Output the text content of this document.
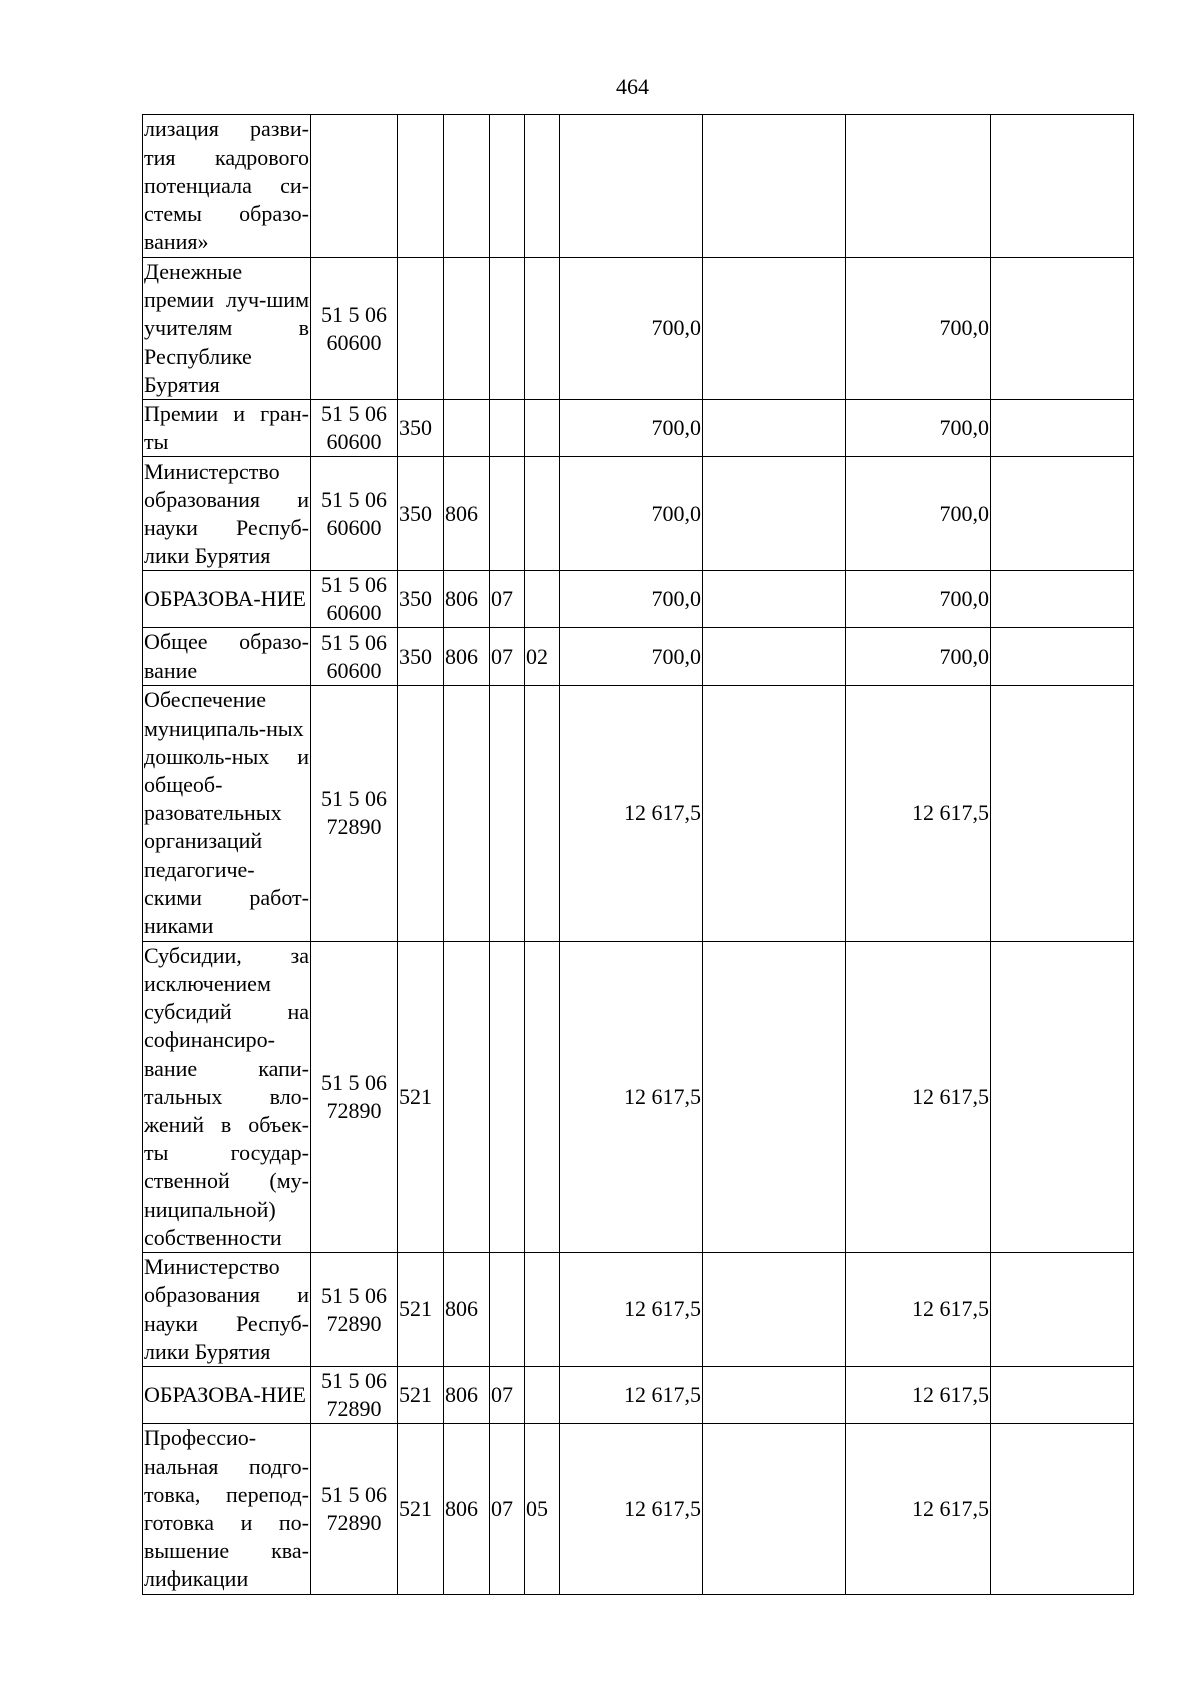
464
лизация разви-тия кадрового потенциала си-стемы образо-вания»									
Денежные премии луч-шим учителям в Республике Бурятия	51 5 06 60600					700,0		700,0	
Премии и гран-ты	51 5 06 60600	350				700,0		700,0	
Министерство образования и науки Респуб-лики Бурятия	51 5 06 60600	350	806			700,0		700,0	
ОБРАЗОВА-НИЕ	51 5 06 60600	350	806	07		700,0		700,0	
Общее образо-вание	51 5 06 60600	350	806	07	02	700,0		700,0	
Обеспечение муниципаль-ных дошколь-ных и общеоб-разовательных организаций педагогиче-скими работ-никами	51 5 06 72890					12 617,5		12 617,5	
Субсидии, за исключением субсидий на софинансиро-вание капи-тальных вло-жений в объек-ты государ-ственной (му-ниципальной) собственности	51 5 06 72890	521				12 617,5		12 617,5	
Министерство образования и науки Респуб-лики Бурятия	51 5 06 72890	521	806			12 617,5		12 617,5	
ОБРАЗОВА-НИЕ	51 5 06 72890	521	806	07		12 617,5		12 617,5	
Профессио-нальная подго-товка, перепод-готовка и по-вышение ква-лификации	51 5 06 72890	521	806	07	05	12 617,5		12 617,5	
